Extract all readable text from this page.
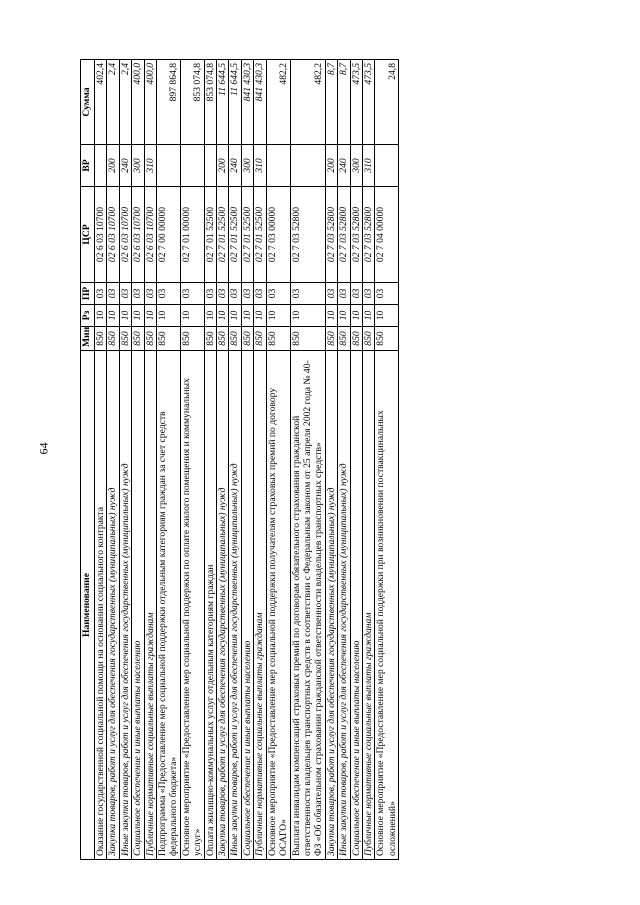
64
Наименование	Мин	Рз	ПР	ЦСР	ВР	Сумма
Оказание государственной социальной помощи на основании социального контракта	850	10	03	02 6 03 10700		402,4
Закупка товаров, работ и услуг для обеспечения государственных (муниципальных) нужд	850	10	03	02 6 03 10700	200	2,4
Иные закупки товаров, работ и услуг для обеспечения государственных (муниципальных) нужд	850	10	03	02 6 03 10700	240	2,4
Социальное обеспечение и иные выплаты населению	850	10	03	02 6 03 10700	300	400,0
Публичные нормативные социальные выплаты гражданам	850	10	03	02 6 03 10700	310	400,0
Подпрограмма «Предоставление мер социальной поддержки отдельным категориям граждан за счет средств федерального бюджета»	850	10	03	02 7 00 00000		897 864,8
Основное мероприятие «Предоставление мер социальной поддержки по оплате жилого помещения и коммунальных услуг»	850	10	03	02 7 01 00000		853 074,8
Оплата жилищно-коммунальных услуг отдельным категориям граждан	850	10	03	02 7 01 52500		853 074,8
Закупка товаров, работ и услуг для обеспечения государственных (муниципальных) нужд	850	10	03	02 7 01 52500	200	11 644,5
Иные закупки товаров, работ и услуг для обеспечения государственных (муниципальных) нужд	850	10	03	02 7 01 52500	240	11 644,5
Социальное обеспечение и иные выплаты населению	850	10	03	02 7 01 52500	300	841 430,3
Публичные нормативные социальные выплаты гражданам	850	10	03	02 7 01 52500	310	841 430,3
Основное мероприятие «Предоставление мер социальной поддержки получателям страховых премий по договору ОСАГО»	850	10	03	02 7 03 00000		482,2
Выплата инвалидам компенсаций страховых премий по договорам обязательного страхования гражданской ответственности владельцев транспортных средств в соответствии с Федеральным законом от 25 апреля 2002 года № 40-ФЗ «Об обязательном страховании гражданской ответственности владельцев транспортных средств»	850	10	03	02 7 03 52800		482,2
Закупка товаров, работ и услуг для обеспечения государственных (муниципальных) нужд	850	10	03	02 7 03 52800	200	8,7
Иные закупки товаров, работ и услуг для обеспечения государственных (муниципальных) нужд	850	10	03	02 7 03 52800	240	8,7
Социальное обеспечение и иные выплаты населению	850	10	03	02 7 03 52800	300	473,5
Публичные нормативные социальные выплаты гражданам	850	10	03	02 7 03 52800	310	473,5
Основное мероприятие «Предоставление мер социальной поддержки при возникновении поствакцинальных осложнений»	850	10	03	02 7 04 00000		24,8
